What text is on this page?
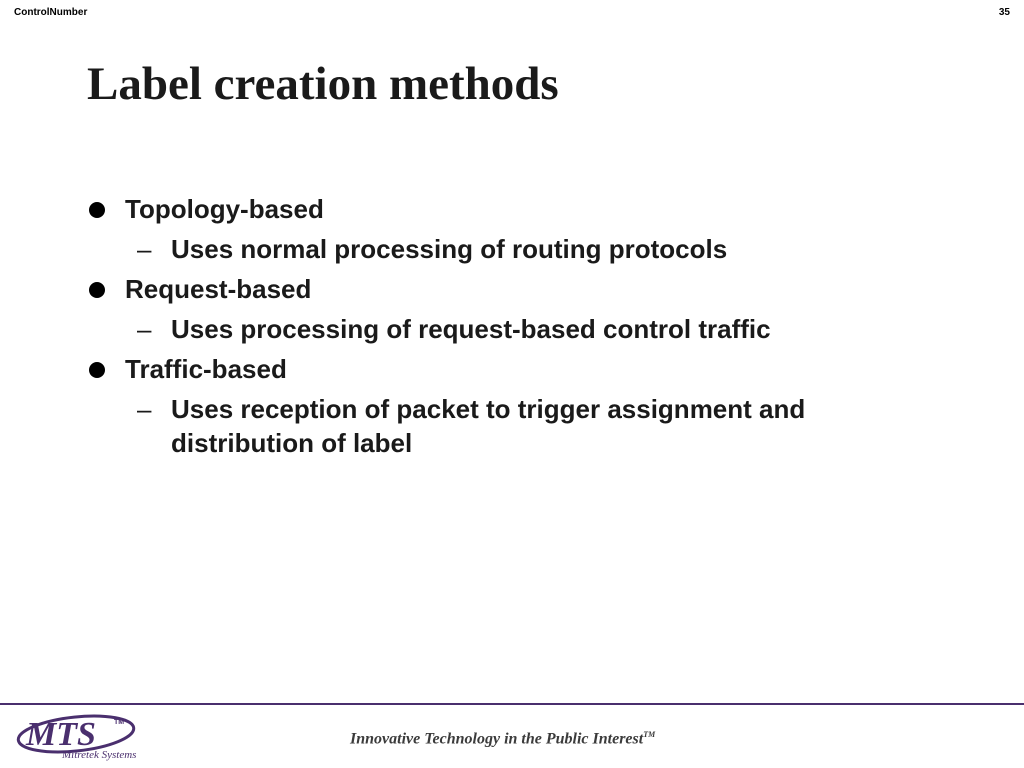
ControlNumber	35
Label creation methods
Topology-based
– Uses normal processing of routing protocols
Request-based
– Uses processing of request-based control traffic
Traffic-based
– Uses reception of packet to trigger assignment and distribution of label
MTS	TM
Mitretek Systems
Innovative Technology in the Public Interest™
